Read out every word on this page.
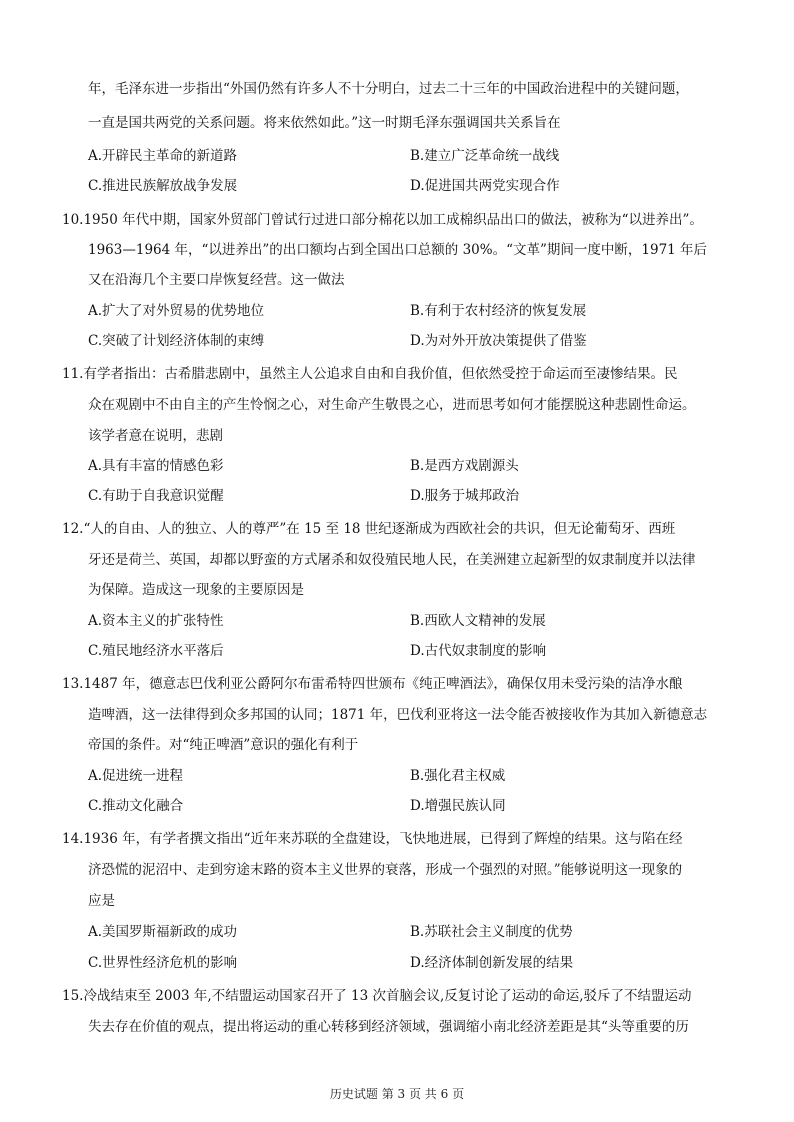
年，毛泽东进一步指出“外国仍然有许多人不十分明白，过去二十三年的中国政治进程中的关键问题，
一直是国共两党的关系问题。将来依然如此。”这一时期毛泽东强调国共关系旨在
A.开辟民主革命的新道路	B.建立广泛革命统一战线
C.推进民族解放战争发展	D.促进国共两党实现合作
10.1950 年代中期，国家外贸部门曾试行过进口部分棉花以加工成棉织品出口的做法，被称为“以进养出”。
1963—1964 年，“以进养出”的出口额均占到全国出口总额的 30%。“文革”期间一度中断，1971 年后
又在沿海几个主要口岸恢复经营。这一做法
A.扩大了对外贸易的优势地位	B.有利于农村经济的恢复发展
C.突破了计划经济体制的束缚	D.为对外开放决策提供了借鉴
11.有学者指出：古希腊悲剧中，虽然主人公追求自由和自我价值，但依然受控于命运而至凄惨结果。民
众在观剧中不由自主的产生怜悯之心，对生命产生敬畏之心，进而思考如何才能摆脱这种悲剧性命运。
该学者意在说明，悲剧
A.具有丰富的情感色彩	B.是西方戏剧源头
C.有助于自我意识觉醒	D.服务于城邦政治
12.“人的自由、人的独立、人的尊严”在 15 至 18 世纪逐渐成为西欧社会的共识，但无论葡萄牙、西班
牙还是荷兰、英国，却都以野蛮的方式屠杀和奴役殖民地人民，在美洲建立起新型的奴隶制度并以法律
为保障。造成这一现象的主要原因是
A.资本主义的扩张特性	B.西欧人文精神的发展
C.殖民地经济水平落后	D.古代奴隶制度的影响
13.1487 年，德意志巴伐利亚公爵阿尔布雷希特四世颁布《纯正啤酒法》，确保仅用未受污染的洁净水酿
造啤酒，这一法律得到众多邦国的认同；1871 年，巴伐利亚将这一法令能否被接收作为其加入新德意志
帝国的条件。对“纯正啤酒”意识的强化有利于
A.促进统一进程	B.强化君主权威
C.推动文化融合	D.增强民族认同
14.1936 年，有学者撰文指出“近年来苏联的全盘建设，飞快地进展，已得到了辉煌的结果。这与陷在经
济恐慌的泥沼中、走到穷途末路的资本主义世界的衰落，形成一个强烈的对照。”能够说明这一现象的
应是
A.美国罗斯福新政的成功	B.苏联社会主义制度的优势
C.世界性经济危机的影响	D.经济体制创新发展的结果
15.冷战结束至 2003 年,不结盟运动国家召开了 13 次首脑会议,反复讨论了运动的命运,驳斥了不结盟运动
失去存在价值的观点，提出将运动的重心转移到经济领域，强调缩小南北经济差距是其“头等重要的历
历史试题 第 3 页 共 6 页
